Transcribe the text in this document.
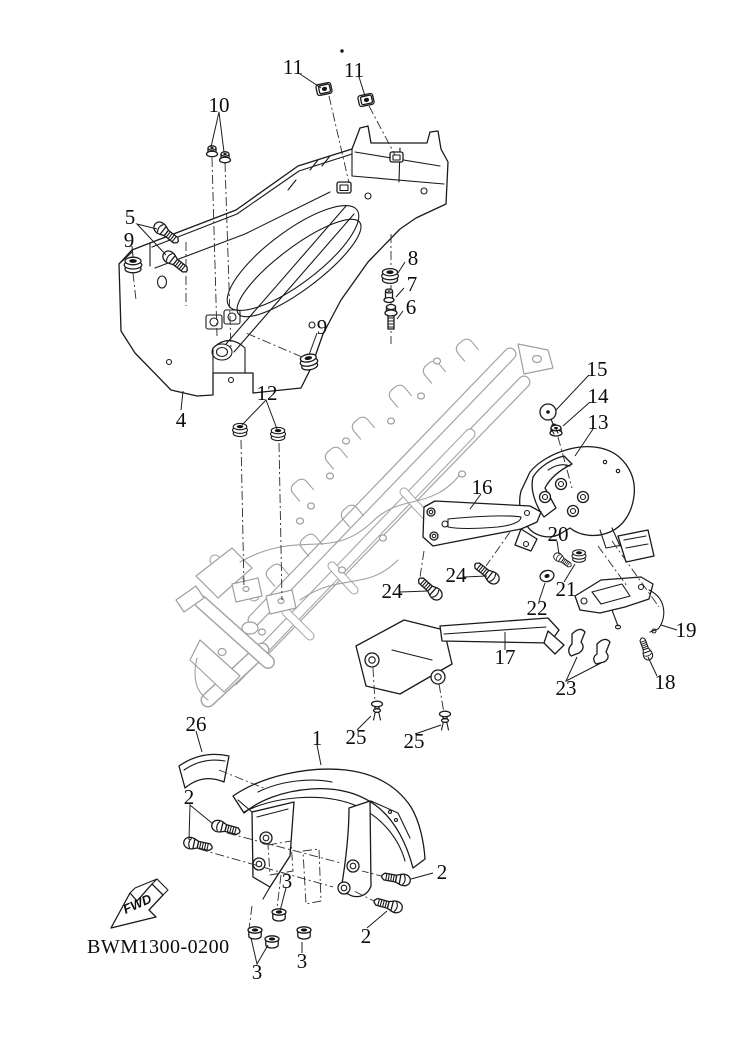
11 11
10
5
9
8
7
6
9
4
12
15
14
13
16
20
24
24	21
22
19
17
23	18
25 25
26
1
2
2
2
3
3
3
FWD
BWM1300-0200
